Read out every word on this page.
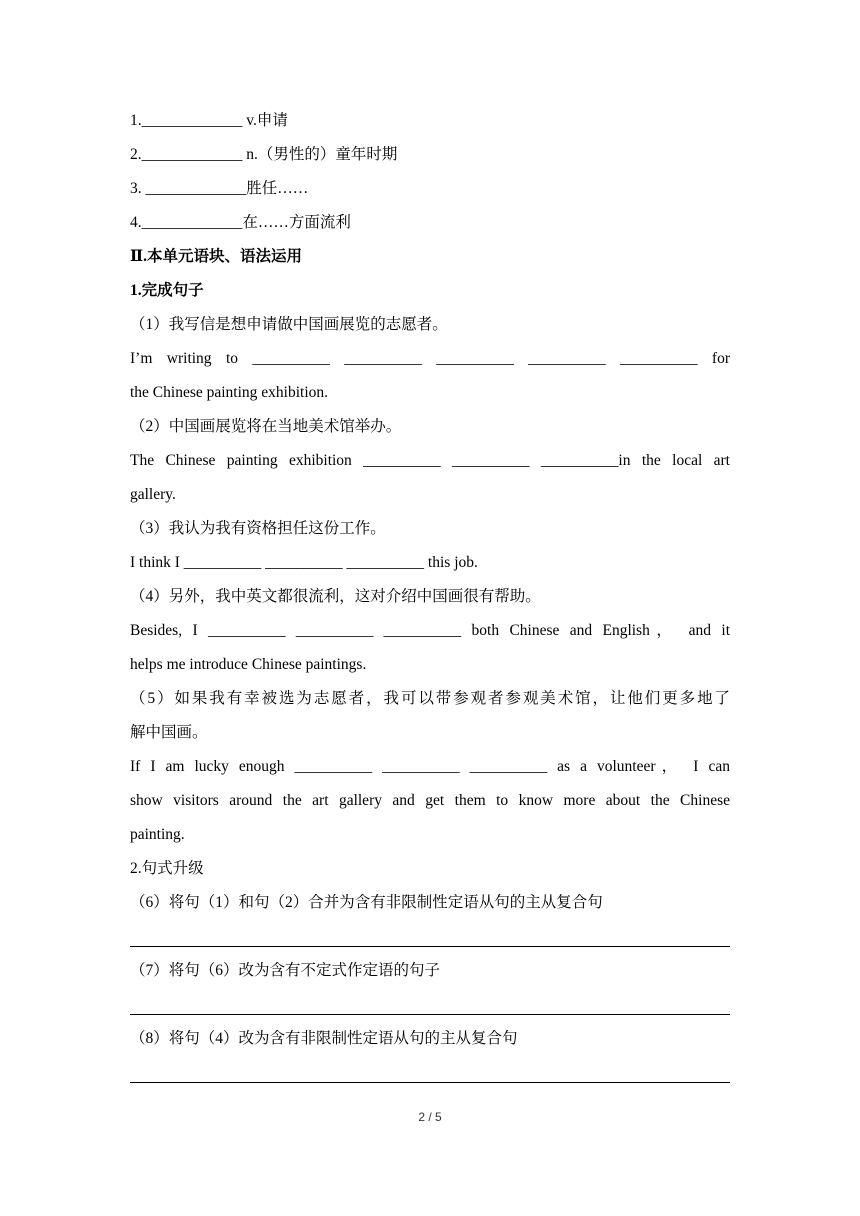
1._____________ v.申请
2._____________ n.（男性的）童年时期
3. _____________胜任……
4._____________在……方面流利
Ⅱ.本单元语块、语法运用
1.完成句子
（1）我写信是想申请做中国画展览的志愿者。
I’m writing to __________ __________ __________ __________ __________ for
the Chinese painting exhibition.
（2）中国画展览将在当地美术馆举办。
The Chinese painting exhibition __________ __________ __________in the local art
gallery.
（3）我认为我有资格担任这份工作。
I think I __________ __________ __________ this job.
（4）另外，我中英文都很流利，这对介绍中国画很有帮助。
Besides, I __________ __________ __________ both Chinese and English， and it
helps me introduce Chinese paintings.
（5）如果我有幸被选为志愿者，我可以带参观者参观美术馆，让他们更多地了
解中国画。
If I am lucky enough __________ __________ __________ as a volunteer， I can
show visitors around the art gallery and get them to know more about the Chinese
painting.
2.句式升级
（6）将句（1）和句（2）合并为含有非限制性定语从句的主从复合句
（7）将句（6）改为含有不定式作定语的句子
（8）将句（4）改为含有非限制性定语从句的主从复合句
2 / 5
